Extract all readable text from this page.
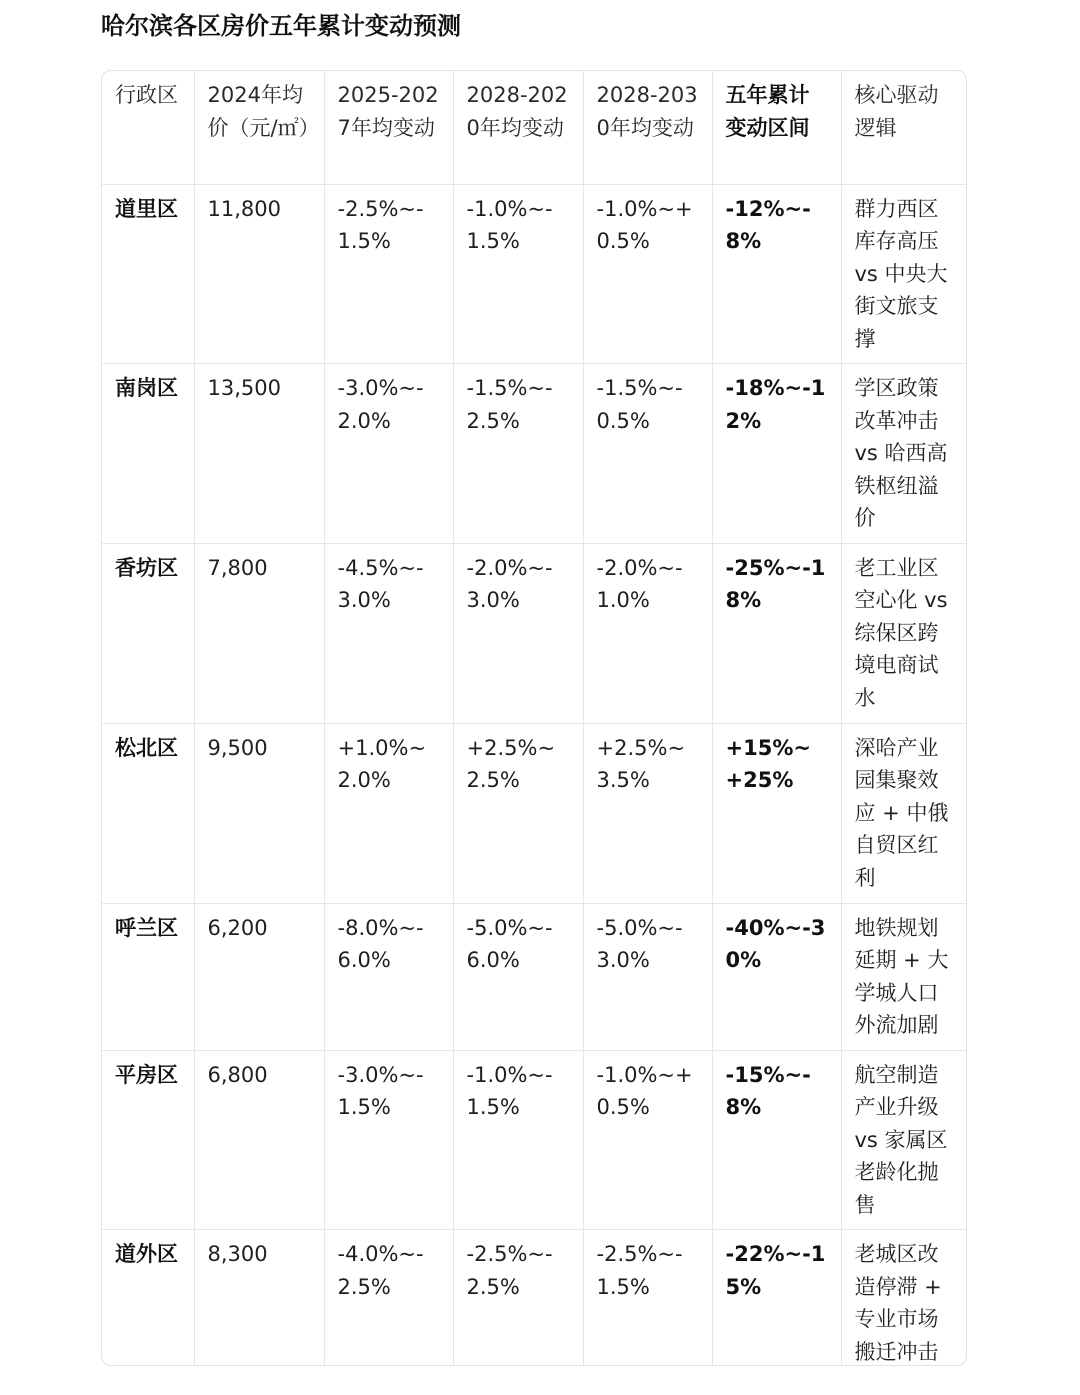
哈尔滨各区房价五年累计变动预测
行政区	2024年均价（元/㎡）	2025-2027年均变动	2028-2020年均变动	2028-2030年均变动	五年累计变动区间	核心驱动逻辑
道里区	11,800	-2.5%~-1.5%	-1.0%~-1.5%	-1.0%~+0.5%	-12%~-8%	群力西区库存高压 vs 中央大街文旅支撑
南岗区	13,500	-3.0%~-2.0%	-1.5%~-2.5%	-1.5%~-0.5%	-18%~-12%	学区政策改革冲击 vs 哈西高铁枢纽溢价
香坊区	7,800	-4.5%~-3.0%	-2.0%~-3.0%	-2.0%~-1.0%	-25%~-18%	老工业区空心化 vs 综保区跨境电商试水
松北区	9,500	+1.0%~2.0%	+2.5%~2.5%	+2.5%~3.5%	+15%~+25%	深哈产业园集聚效应 + 中俄自贸区红利
呼兰区	6,200	-8.0%~-6.0%	-5.0%~-6.0%	-5.0%~-3.0%	-40%~-30%	地铁规划延期 + 大学城人口外流加剧
平房区	6,800	-3.0%~-1.5%	-1.0%~-1.5%	-1.0%~+0.5%	-15%~-8%	航空制造产业升级 vs 家属区老龄化抛售
道外区	8,300	-4.0%~-2.5%	-2.5%~-2.5%	-2.5%~-1.5%	-22%~-15%	老城区改造停滞 + 专业市场搬迁冲击
